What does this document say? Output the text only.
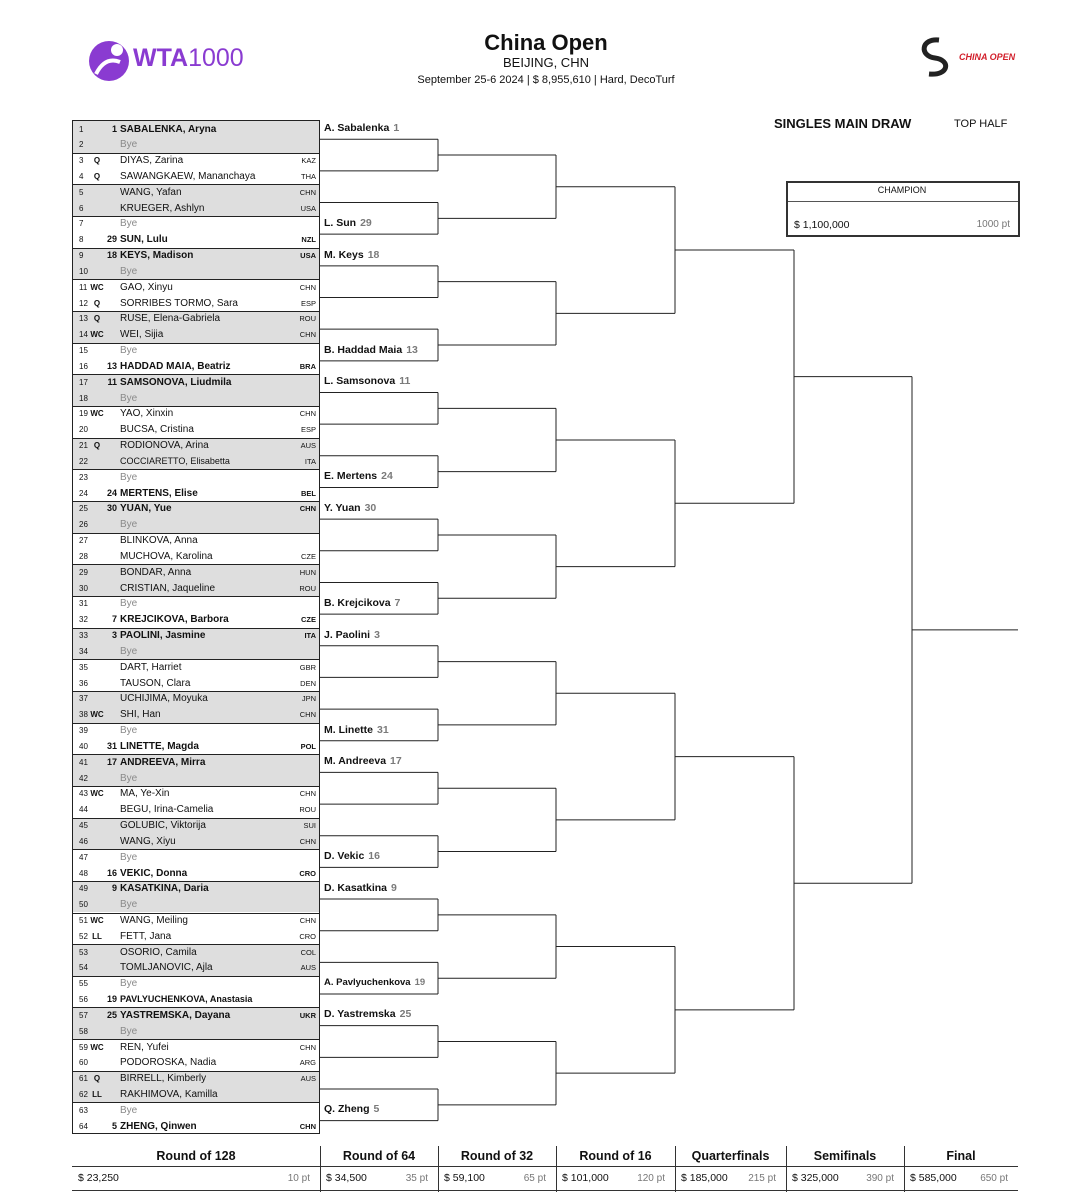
WTA1000
China Open
BEIJING, CHN
September 25-6 2024 | $ 8,955,610 | Hard, DecoTurf
CHINA OPEN
SINGLES MAIN DRAW	TOP HALF
CHAMPION
$ 1,100,000	1000 pt
1	1 SABALENKA, Aryna
2	Bye
3	Q	DIYAS, Zarina	KAZ
4	Q	SAWANGKAEW, Mananchaya	THA
5	WANG, Yafan	CHN
6	KRUEGER, Ashlyn	USA
7	Bye
8	29 SUN, Lulu	NZL
9	18 KEYS, Madison	USA
10	Bye
11 WC GAO, Xinyu	CHN
12 Q	SORRIBES TORMO, Sara	ESP
13 Q	RUSE, Elena-Gabriela	ROU
14 WC WEI, Sijia	CHN
15	Bye
16	13 HADDAD MAIA, Beatriz	BRA
17	11 SAMSONOVA, Liudmila
18	Bye
19 WC YAO, Xinxin	CHN
20	BUCSA, Cristina	ESP
21 Q	RODIONOVA, Arina	AUS
22	COCCIARETTO, Elisabetta	ITA
23	Bye
24	24 MERTENS, Elise	BEL
25	30 YUAN, Yue	CHN
26	Bye
27	BLINKOVA, Anna
28	MUCHOVA, Karolina	CZE
29	BONDAR, Anna	HUN
30	CRISTIAN, Jaqueline	ROU
31	Bye
32	7 KREJCIKOVA, Barbora	CZE
33	3 PAOLINI, Jasmine	ITA
34	Bye
35	DART, Harriet	GBR
36	TAUSON, Clara	DEN
37	UCHIJIMA, Moyuka	JPN
38 WC SHI, Han	CHN
39	Bye
40	31 LINETTE, Magda	POL
41	17 ANDREEVA, Mirra
42	Bye
43 WC MA, Ye-Xin	CHN
44	BEGU, Irina-Camelia	ROU
45	GOLUBIC, Viktorija	SUI
46	WANG, Xiyu	CHN
47	Bye
48	16 VEKIC, Donna	CRO
49	9 KASATKINA, Daria
50	Bye
51 WC WANG, Meiling	CHN
52 LL	FETT, Jana	CRO
53	OSORIO, Camila	COL
54	TOMLJANOVIC, Ajla	AUS
55	Bye
56	19 PAVLYUCHENKOVA, Anastasia
57	25 YASTREMSKA, Dayana	UKR
58	Bye
59 WC REN, Yufei	CHN
60	PODOROSKA, Nadia	ARG
61 Q	BIRRELL, Kimberly	AUS
62 LL	RAKHIMOVA, Kamilla
63	Bye
64	5 ZHENG, Qinwen	CHN
A. Sabalenka 1
L. Sun 29
M. Keys 18
B. Haddad Maia 13
L. Samsonova 11
E. Mertens 24
Y. Yuan 30
B. Krejcikova 7
J. Paolini 3
M. Linette 31
M. Andreeva 17
D. Vekic 16
D. Kasatkina 9
A. Pavlyuchenkova 19
D. Yastremska 25
Q. Zheng 5
Round of 128
$ 23,250	10 pt
Round of 64
$ 34,500	35 pt
Round of 32
$ 59,100	65 pt
Round of 16
$ 101,000	120 pt
Quarterfinals
$ 185,000	215 pt
Semifinals
$ 325,000	390 pt
Final
$ 585,000	650 pt
